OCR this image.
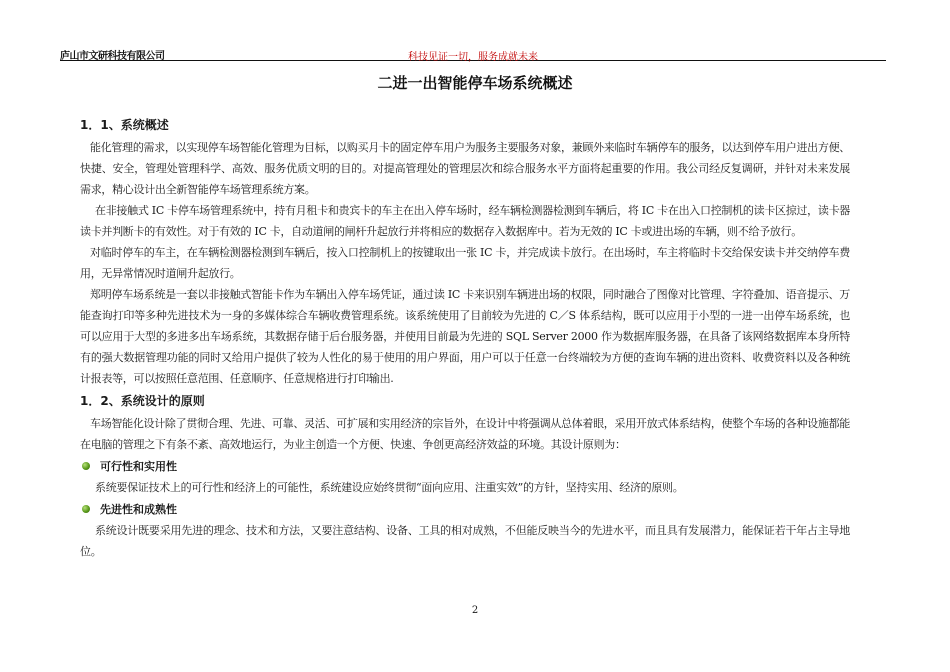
庐山市文研科技有限公司	科技见证一切，服务成就未来
二进一出智能停车场系统概述
1．1、系统概述

能化管理的需求，以实现停车场智能化管理为目标，以购买月卡的固定停车用户为服务主要服务对象，兼顾外来临时车辆停车的服务，以达到停车用户进出方便、快捷、安全，管理处管理科学、高效、服务优质文明的目的。对提高管理处的管理层次和综合服务水平方面将起重要的作用。我公司经反复调研，并针对未来发展需求，精心设计出全新智能停车场管理系统方案。

在非接触式 IC 卡停车场管理系统中，持有月租卡和贵宾卡的车主在出入停车场时，经车辆检测器检测到车辆后，将 IC 卡在出入口控制机的读卡区掠过，读卡器读卡并判断卡的有效性。对于有效的 IC 卡，自动道闸的闸杆升起放行并将相应的数据存入数据库中。若为无效的 IC 卡或进出场的车辆，则不给予放行。

对临时停车的车主，在车辆检测器检测到车辆后，按入口控制机上的按键取出一张 IC 卡，并完成读卡放行。在出场时，车主将临时卡交给保安读卡并交纳停车费用，无异常情况时道闸升起放行。

郑明停车场系统是一套以非接触式智能卡作为车辆出入停车场凭证，通过读 IC 卡来识别车辆进出场的权限，同时融合了图像对比管理、字符叠加、语音提示、万能查询打印等多种先进技术为一身的多媒体综合车辆收费管理系统。该系统使用了目前较为先进的 C／S 体系结构，既可以应用于小型的一进一出停车场系统，也可以应用于大型的多进多出车场系统，其数据存储于后台服务器，并使用目前最为先进的 SQL Server 2000 作为数据库服务器，在具备了该网络数据库本身所特有的强大数据管理功能的同时又给用户提供了较为人性化的易于使用的用户界面，用户可以于任意一台终端较为方便的查询车辆的进出资料、收费资料以及各种统计报表等，可以按照任意范围、任意顺序、任意规格进行打印输出.

1．2、系统设计的原则

车场智能化设计除了贯彻合理、先进、可靠、灵活、可扩展和实用经济的宗旨外，在设计中将强调从总体着眼，采用开放式体系结构，使整个车场的各种设施都能在电脑的管理之下有条不紊、高效地运行，为业主创造一个方便、快速、争创更高经济效益的环境。其设计原则为：

可行性和实用性

系统要保证技术上的可行性和经济上的可能性，系统建设应始终贯彻“面向应用、注重实效”的方针，坚持实用、经济的原则。

先进性和成熟性

系统设计既要采用先进的理念、技术和方法，又要注意结构、设备、工具的相对成熟，不但能反映当今的先进水平，而且具有发展潜力，能保证若干年占主导地位。

2
